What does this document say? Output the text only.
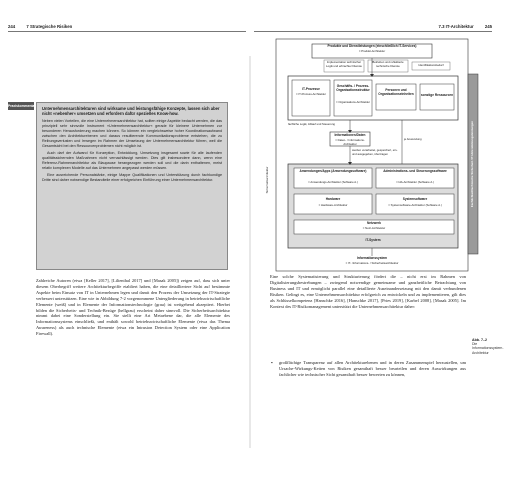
244	7 Strategische Risiken
Praxiskommentar Unternehmensarchitekturen sind wirksame und leistungsfähige Konzepte, lassen sich aber nicht »nebenher« umsetzen und erfordern dafür spezielles Know-how.

Neben vielen Vorteilen, die eine Unternehmensarchitektur hat, sollten einige Aspekte bedacht werden, die das prinzipiell sehr sinnvolle Instrument »Unternehmensarchitektur« gerade für kleinere Unternehmen zur besonderen Herausforderung machen können. So können ein vergleichsweise hoher Koordinationsaufwand zwischen den Architekturebenen und daraus resultierende Kommunikationsprobleme entstehen, die zu Reibungsverlusten und Irrwegen im Rahmen der Umsetzung der Unternehmensarchitektur führen, weil die Gesamtsicht bei den Ressourcenproblemen nicht möglich ist.

Auch darf der Aufwand für Konzeption, Entwicklung, Umsetzung insgesamt sowie für alle laufenden qualitätssichernden Maßnahmen nicht vernachlässigt werden. Dies gilt insbesondere dann, wenn eine Referenz-Rahmenarchitektur als Blaupause herangezogen werden soll und die darin enthaltenen, meist relativ komplexen Modelle auf das Unternehmen angepasst werden müssen.

Eine ausreichende Personalstärke, einige Mappe Qualifikationen und Unterstützung durch fachkundige Dritte sind daher notwendige Bestandteile einer erfolgreichen Einführung einer Unternehmensarchitektur.

Zahlreiche Autoren (etwa [Keller 2017], [Lilienthal 2017] und [Masak 2005]) zeigen auf, dass sich unter diesem Oberbegriff weitere Architekturbegriffe etabliert haben, die eine detailliertere Sicht auf bestimmte Aspekte beim Einsatz von IT in Unternehmen legen und damit den Prozess der Umsetzung der IT-Strategie verbessert unterstützen. Eine wie in Abbildung 7-2 vorgenommene Untergliederung in betriebswirtschaftliche Elemente (weiß) und in Elemente der Informationstechnologie (grau) ist weitgehend akzeptiert. Hierbei bilden die Sicherheits- und Technik-Bezüge (hellgrau) erscheint daher sinnvoll. Die Sicherheitsarchitektur nimmt dabei eine Sonderstellung ein. Sie stellt eine Art Metaebene dar, die alle Elemente des Informationssystems einschließt, und enthält sowohl betriebswirtschaftliche Elemente (etwa das Thema Awareness) als auch technische Elemente (etwa ein Intrusion Detection System oder eine Application Firewall).

7.3 IT-Architektur	245
Produkte und Dienstleistungen (einschließlich IT-Services)
= Produkt-Architektur
Implementation technischer Logik und erbrachter Dienste
Betrieben und reflektierte technische Dienste	Identifikationsbedarf
IT-Prozesse
= IT-Prozess-Architektur
Geschäfts- / Prozess-Organisationsstruktur
= Organisations-Architektur
Personen und Organisationseinheiten	sonstige Ressourcen
fachliche Logik, Ablauf und Steuerung
Informationen/Daten
= Daten- / Informations-Architektur
werden verarbeitet, gespeichert, ein- und ausgegeben, übertragen
je Anwendung
Anwendungen/Apps (Anwendungssoftware)
= Anwendungs-Architektur (Software A.)
Administrations- und Steuerungssoftware
= IdA-Architektur (Software A.)
Hardware
= Hardware-Architektur
Systemsoftware
= Systemsoftware-Architektur (Software A.)
Netzwerk
= Netz-Architektur
IT-System
Informationssystem
= IT- /Informations- / Sicherheitsarchitektur
Sicherheitsarchitektur	Fachlichkeit/technische Sicherheit / IT-Unterstützungsleistungen
Abb. 7–2
Die Informationssystem-Architektur

Eine solche Systematisierung und Strukturierung fördert die – nicht erst im Rahmen von Digitalisierungsbestrebungen – zwingend notwendige gemeinsame und ganzheitliche Betrachtung von Business und IT und ermöglicht parallel eine detaillierte Auseinandersetzung mit den damit verbundenen Risiken. Gelingt es, eine Unternehmensarchitektur erfolgreich zu entwickeln und zu implementieren, gilt dies als Schlüsselkompetenz [Hanschke 2016], [Hanschke 2017], [Pries 2019], [Karbel 2008], [Masak 2005]. Im Kontext des IT-Risikomanagement unterstützt die Unternehmensarchitektur daher:

▪ großflächige Transparenz auf allen Architekturebenen und in deren Zusammenspiel herzustellen, um Ursache-Wirkungs-Ketten von Risiken gesamthaft besser beurteilen und deren Auswirkungen aus fachlicher wie technischer Sicht gesamthaft besser bewerten zu können,
